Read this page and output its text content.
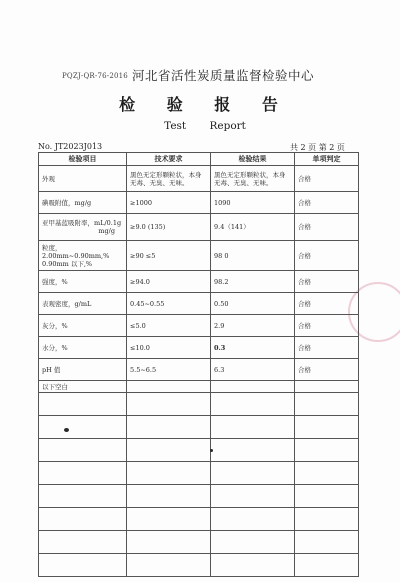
PQZJ-QR-76-2016 河北省活性炭质量监督检验中心
检 验 报 告
Test Report
No. JT2023J013	共 2 页 第 2 页
检验项目	技术要求	检验结果	单项判定
外观	黑色无定形颗粒状，本身无毒、无臭、无味。	黑色无定形颗粒状，本身无毒、无臭、无味。	合格
碘吸附值，mg/g	≥1000	1090	合格
亚甲基蓝吸附率，mL/0.1g
mg/g	≥9.0 (135)	9.4（141）	合格
粒度，
2.00mm~0.90mm,% 0.90mm 以下,%	≥90 ≤5	98 0	合格
强度，%	≥94.0	98.2	合格
表观密度，g/mL	0.45~0.55	0.50	合格
灰分，%	≤5.0	2.9	合格
水分，%	≤10.0	0.3	合格
pH 值	5.5~6.5	6.3	合格
以下空白			
